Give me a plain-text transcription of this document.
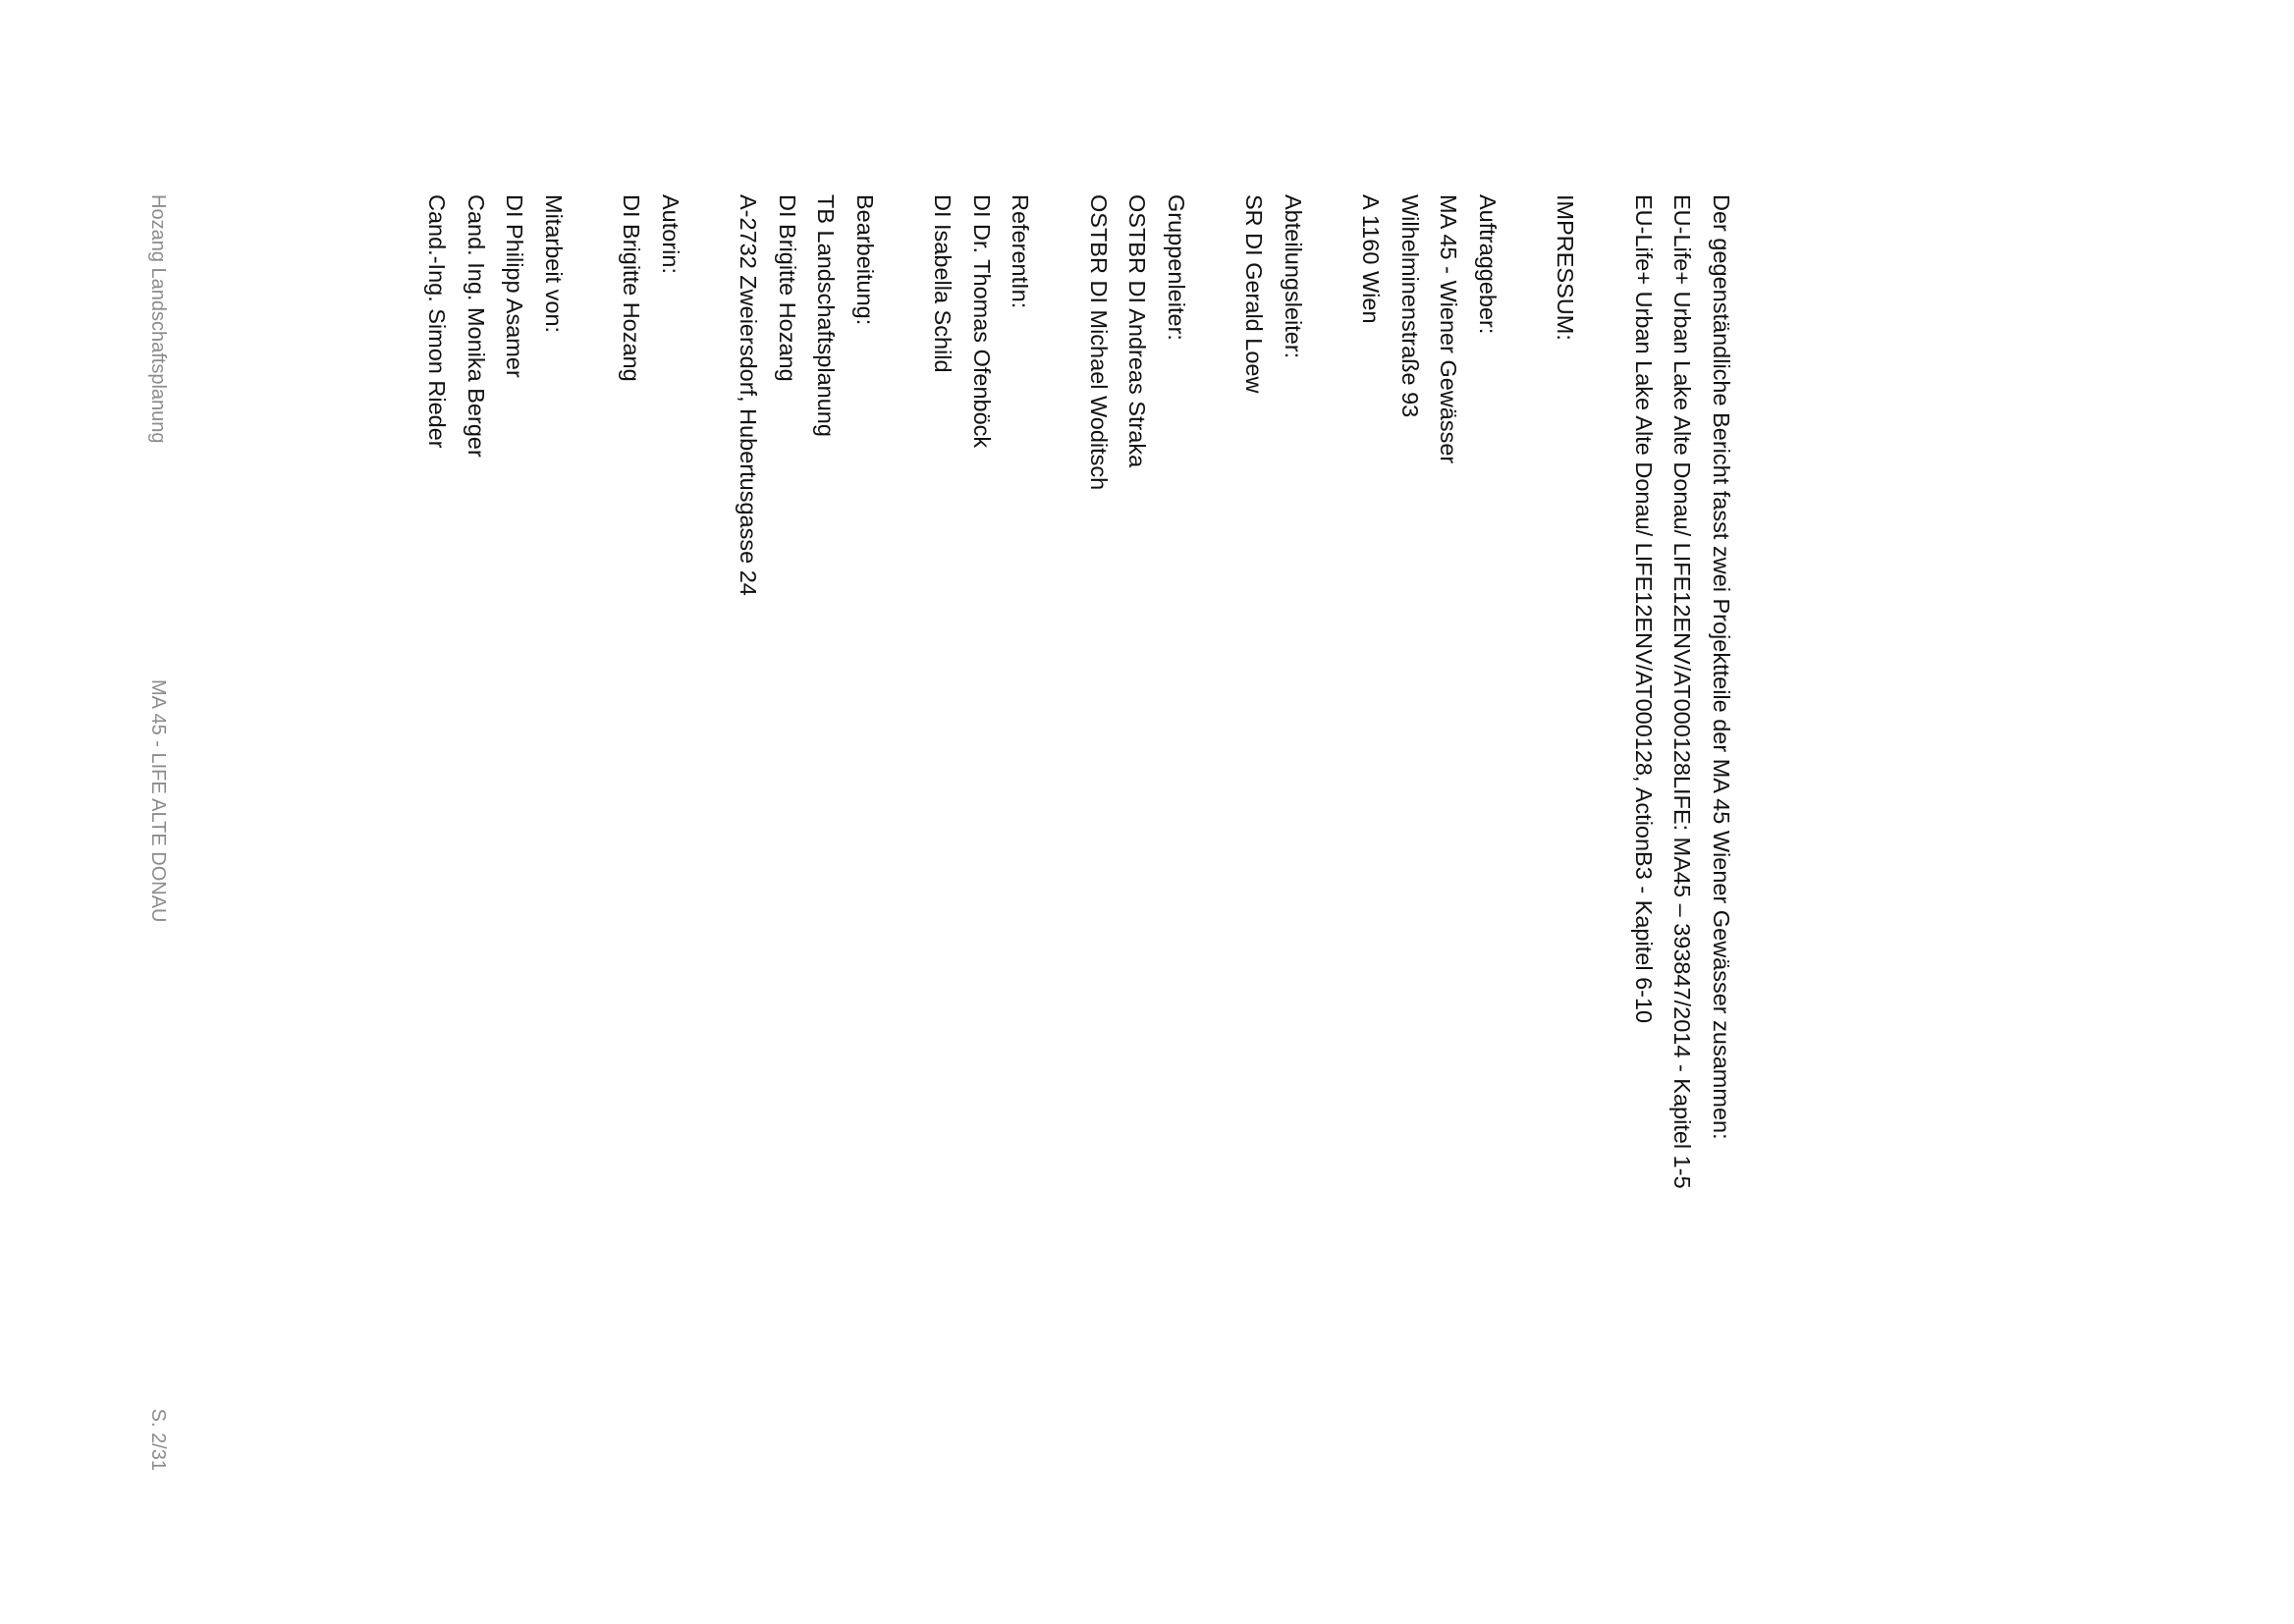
Der gegenständliche Bericht fasst zwei Projektteile der MA 45 Wiener Gewässer zusammen:
EU-Life+ Urban Lake Alte Donau/ LIFE12ENV/AT000128LIFE: MA45 – 393847/2014 - Kapitel 1-5
EU-Life+ Urban Lake Alte Donau/ LIFE12ENV/AT000128, ActionB3 - Kapitel 6-10
IMPRESSUM:
Auftraggeber:
MA 45 - Wiener Gewässer
Wilhelminenstraße 93
A 1160 Wien
Abteilungsleiter:
SR DI Gerald Loew
Gruppenleiter:
OSTBR DI Andreas Straka
OSTBR DI Michael Woditsch
ReferentIn:
DI Dr. Thomas Ofenböck
DI Isabella Schild
Bearbeitung:
TB Landschaftsplanung
DI Brigitte Hozang
A-2732 Zweiersdorf, Hubertusgasse 24
Autorin:
DI Brigitte Hozang
Mitarbeit von:
DI Philipp Asamer
Cand. Ing. Monika Berger
Cand.-Ing. Simon Rieder
Hozang Landschaftsplanung
MA 45 - LIFE ALTE DONAU
S. 2/31
